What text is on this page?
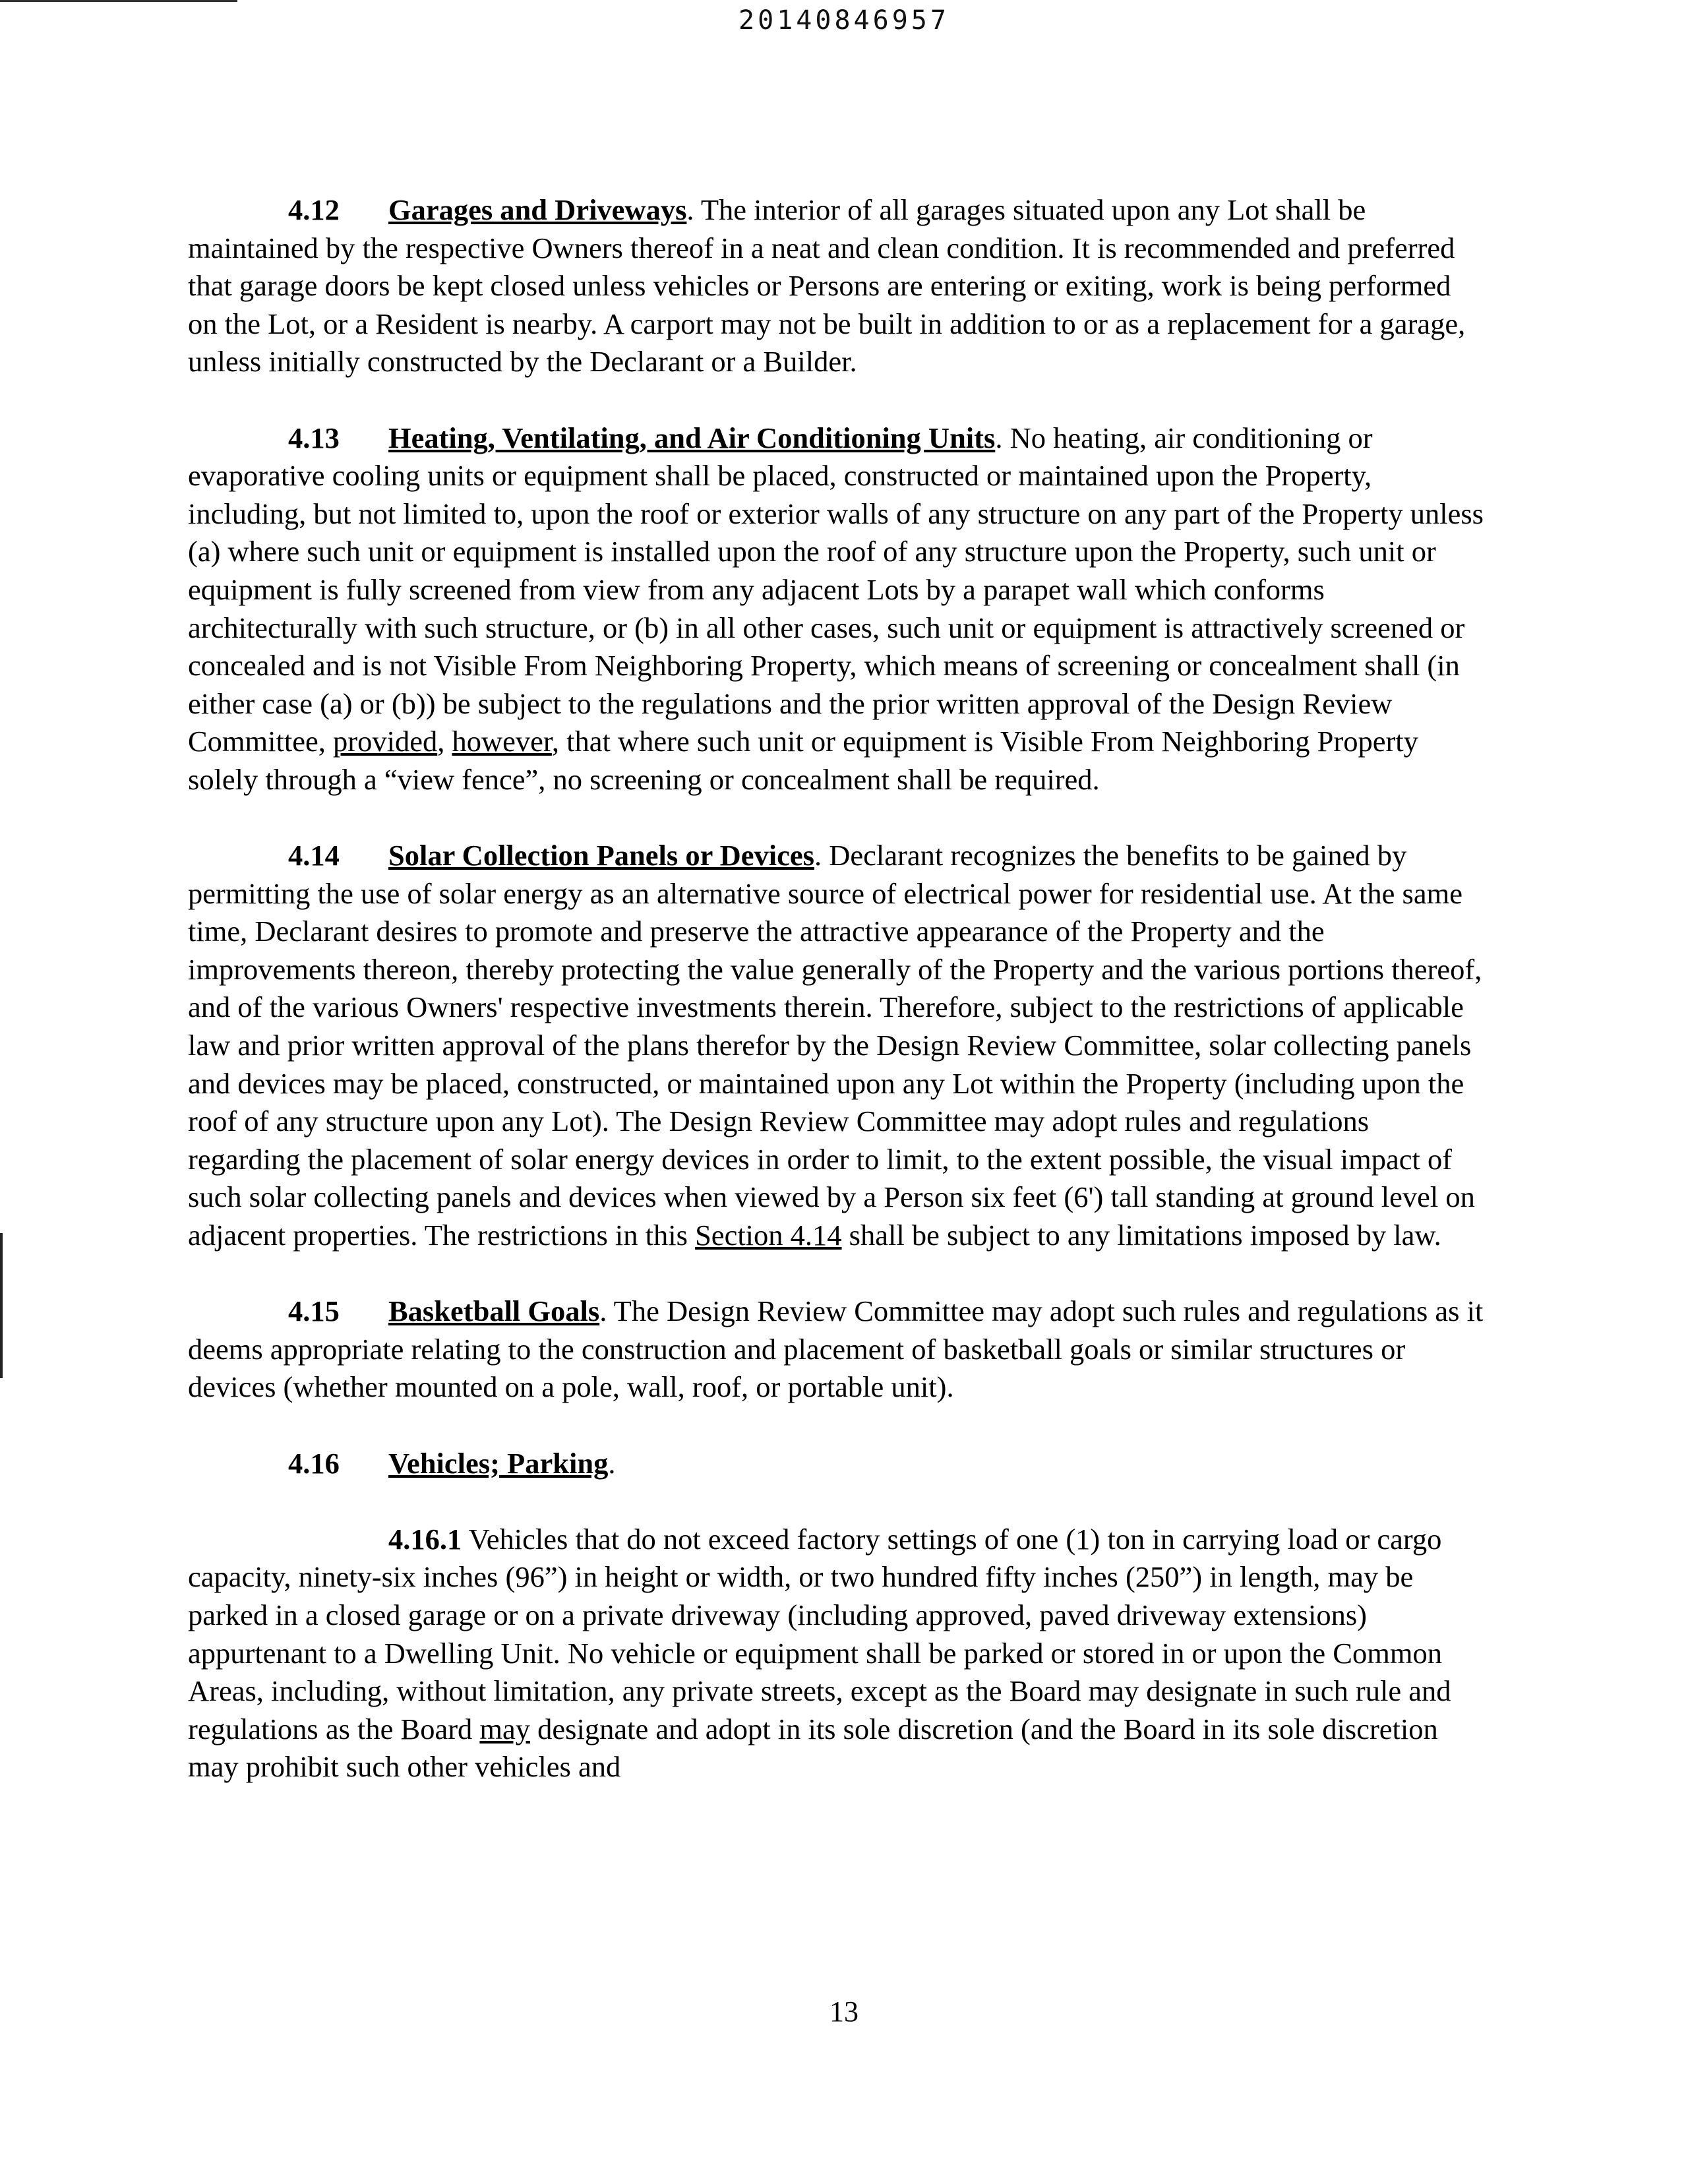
20140846957

4.12 Garages and Driveways. The interior of all garages situated upon any Lot shall be maintained by the respective Owners thereof in a neat and clean condition. It is recommended and preferred that garage doors be kept closed unless vehicles or Persons are entering or exiting, work is being performed on the Lot, or a Resident is nearby. A carport may not be built in addition to or as a replacement for a garage, unless initially constructed by the Declarant or a Builder.

4.13 Heating, Ventilating, and Air Conditioning Units. No heating, air conditioning or evaporative cooling units or equipment shall be placed, constructed or maintained upon the Property, including, but not limited to, upon the roof or exterior walls of any structure on any part of the Property unless (a) where such unit or equipment is installed upon the roof of any structure upon the Property, such unit or equipment is fully screened from view from any adjacent Lots by a parapet wall which conforms architecturally with such structure, or (b) in all other cases, such unit or equipment is attractively screened or concealed and is not Visible From Neighboring Property, which means of screening or concealment shall (in either case (a) or (b)) be subject to the regulations and the prior written approval of the Design Review Committee, provided, however, that where such unit or equipment is Visible From Neighboring Property solely through a “view fence”, no screening or concealment shall be required.

4.14 Solar Collection Panels or Devices. Declarant recognizes the benefits to be gained by permitting the use of solar energy as an alternative source of electrical power for residential use. At the same time, Declarant desires to promote and preserve the attractive appearance of the Property and the improvements thereon, thereby protecting the value generally of the Property and the various portions thereof, and of the various Owners' respective investments therein. Therefore, subject to the restrictions of applicable law and prior written approval of the plans therefor by the Design Review Committee, solar collecting panels and devices may be placed, constructed, or maintained upon any Lot within the Property (including upon the roof of any structure upon any Lot). The Design Review Committee may adopt rules and regulations regarding the placement of solar energy devices in order to limit, to the extent possible, the visual impact of such solar collecting panels and devices when viewed by a Person six feet (6') tall standing at ground level on adjacent properties. The restrictions in this Section 4.14 shall be subject to any limitations imposed by law.

4.15 Basketball Goals. The Design Review Committee may adopt such rules and regulations as it deems appropriate relating to the construction and placement of basketball goals or similar structures or devices (whether mounted on a pole, wall, roof, or portable unit).

4.16 Vehicles; Parking.

4.16.1 Vehicles that do not exceed factory settings of one (1) ton in carrying load or cargo capacity, ninety-six inches (96”) in height or width, or two hundred fifty inches (250”) in length, may be parked in a closed garage or on a private driveway (including approved, paved driveway extensions) appurtenant to a Dwelling Unit. No vehicle or equipment shall be parked or stored in or upon the Common Areas, including, without limitation, any private streets, except as the Board may designate in such rule and regulations as the Board may designate and adopt in its sole discretion (and the Board in its sole discretion may prohibit such other vehicles and

13
